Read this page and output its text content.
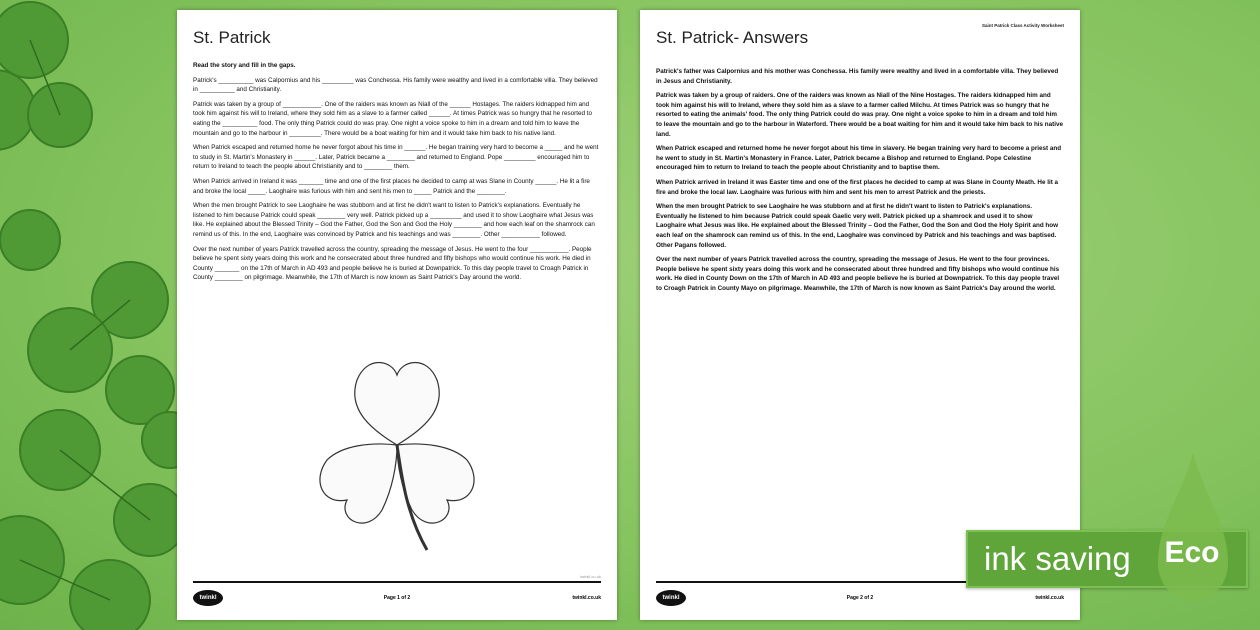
St. Patrick

Read the story and fill in the gaps.

Patrick's __________ was Calpornius and his _________ was Conchessa. His family were wealthy and lived in a comfortable villa. They believed in __________ and Christianity.

Patrick was taken by a group of ___________. One of the raiders was known as Niall of the ______ Hostages. The raiders kidnapped him and took him against his will to Ireland, where they sold him as a slave to a farmer called ______. At times Patrick was so hungry that he resorted to eating the __________ food. The only thing Patrick could do was pray. One night a voice spoke to him in a dream and told him to leave the mountain and go to the harbour in _________. There would be a boat waiting for him and it would take him back to his native land.

When Patrick escaped and returned home he never forgot about his time in ______. He began training very hard to become a _____ and he went to study in St. Martin's Monastery in ______. Later, Patrick became a ________ and returned to England. Pope _________ encouraged him to return to Ireland to teach the people about Christianity and to ________ them.

When Patrick arrived in Ireland it was _______ time and one of the first places he decided to camp at was Slane in County ______. He lit a fire and broke the local _____. Laoghaire was furious with him and sent his men to _____ Patrick and the ________.

When the men brought Patrick to see Laoghaire he was stubborn and at first he didn't want to listen to Patrick's explanations. Eventually he listened to him because Patrick could speak ________ very well. Patrick picked up a _________ and used it to show Laoghaire what Jesus was like. He explained about the Blessed Trinity – God the Father, God the Son and God the Holy ________ and how each leaf on the shamrock can remind us of this. In the end, Laoghaire was convinced by Patrick and his teachings and was ________. Other ___________ followed.

Over the next number of years Patrick travelled across the country, spreading the message of Jesus. He went to the four ___________. People believe he spent sixty years doing this work and he consecrated about three hundred and fifty bishops who would continue his work. He died in County _______ on the 17th of March in AD 493 and people believe he is buried at Downpatrick. To this day people travel to Croagh Patrick in County ________ on pilgrimage. Meanwhile, the 17th of March is now known as Saint Patrick's Day around the world.

twinkl.co.uk
twinkl	Page 1 of 2	twinkl.co.uk
Saint Patrick Class Activity Worksheet
St. Patrick- Answers

Patrick's father was Calpornius and his mother was Conchessa. His family were wealthy and lived in a comfortable villa. They believed in Jesus and Christianity.

Patrick was taken by a group of raiders. One of the raiders was known as Niall of the Nine Hostages. The raiders kidnapped him and took him against his will to Ireland, where they sold him as a slave to a farmer called Milchu. At times Patrick was so hungry that he resorted to eating the animals' food. The only thing Patrick could do was pray. One night a voice spoke to him in a dream and told him to leave the mountain and go to the harbour in Waterford. There would be a boat waiting for him and it would take him back to his native land.

When Patrick escaped and returned home he never forgot about his time in slavery. He began training very hard to become a priest and he went to study in St. Martin's Monastery in France. Later, Patrick became a Bishop and returned to England. Pope Celestine encouraged him to return to Ireland to teach the people about Christianity and to baptise them.

When Patrick arrived in Ireland it was Easter time and one of the first places he decided to camp at was Slane in County Meath. He lit a fire and broke the local law. Laoghaire was furious with him and sent his men to arrest Patrick and the priests.

When the men brought Patrick to see Laoghaire he was stubborn and at first he didn't want to listen to Patrick's explanations. Eventually he listened to him because Patrick could speak Gaelic very well. Patrick picked up a shamrock and used it to show Laoghaire what Jesus was like. He explained about the Blessed Trinity – God the Father, God the Son and God the Holy Spirit and how each leaf on the shamrock can remind us of this. In the end, Laoghaire was convinced by Patrick and his teachings and was baptised. Other Pagans followed.

Over the next number of years Patrick travelled across the country, spreading the message of Jesus. He went to the four provinces. People believe he spent sixty years doing this work and he consecrated about three hundred and fifty bishops who would continue his work. He died in County Down on the 17th of March in AD 493 and people believe he is buried at Downpatrick. To this day people travel to Croagh Patrick in County Mayo on pilgrimage. Meanwhile, the 17th of March is now known as Saint Patrick's Day around the world.

twinkl	Page 2 of 2	twinkl.co.uk
ink saving Eco
